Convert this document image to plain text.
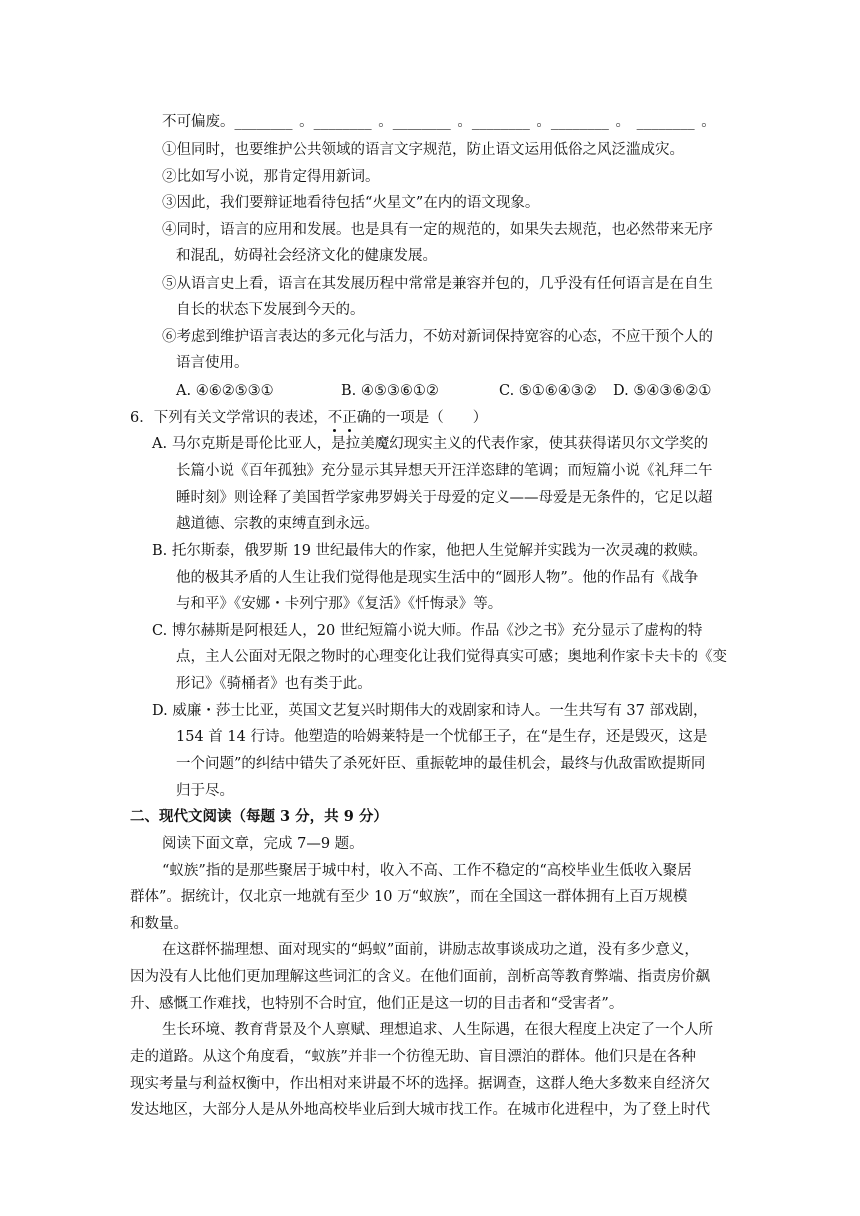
不可偏废。________ 。________ 。________ 。________ 。________ 。 ________ 。
①但同时，也要维护公共领域的语言文字规范，防止语文运用低俗之风泛滥成灾。
②比如写小说，那肯定得用新词。
③因此，我们要辩证地看待包括“火星文”在内的语文现象。
④同时，语言的应用和发展。也是具有一定的规范的，如果失去规范，也必然带来无序
和混乱，妨碍社会经济文化的健康发展。
⑤从语言史上看，语言在其发展历程中常常是兼容并包的，几乎没有任何语言是在自生
自长的状态下发展到今天的。
⑥考虑到维护语言表达的多元化与活力，不妨对新词保持宽容的心态，不应干预个人的
语言使用。
A. ④⑥②⑤③①	B. ④⑤③⑥①②	C. ⑤①⑥④③② D. ⑤④③⑥②①
6．下列有关文学常识的表述，不正确的一项是（　　）
A. 马尔克斯是哥伦比亚人，是拉美魔幻现实主义的代表作家，使其获得诺贝尔文学奖的
长篇小说《百年孤独》充分显示其异想天开汪洋恣肆的笔调；而短篇小说《礼拜二午
睡时刻》则诠释了美国哲学家弗罗姆关于母爱的定义——母爱是无条件的，它足以超
越道德、宗教的束缚直到永远。
B. 托尔斯泰，俄罗斯 19 世纪最伟大的作家，他把人生觉解并实践为一次灵魂的救赎。
他的极其矛盾的人生让我们觉得他是现实生活中的“圆形人物”。他的作品有《战争
与和平》《安娜・卡列宁那》《复活》《忏悔录》等。
C. 博尔赫斯是阿根廷人，20 世纪短篇小说大师。作品《沙之书》充分显示了虚构的特
点，主人公面对无限之物时的心理变化让我们觉得真实可感；奥地利作家卡夫卡的《变
形记》《骑桶者》也有类于此。
D. 威廉・莎士比亚，英国文艺复兴时期伟大的戏剧家和诗人。一生共写有 37 部戏剧，
154 首 14 行诗。他塑造的哈姆莱特是一个忧郁王子，在“是生存，还是毁灭，这是
一个问题”的纠结中错失了杀死奸臣、重振乾坤的最佳机会，最终与仇敌雷欧提斯同
归于尽。
二、现代文阅读（每题 3 分，共 9 分）
阅读下面文章，完成 7—9 题。
“蚁族”指的是那些聚居于城中村，收入不高、工作不稳定的“高校毕业生低收入聚居
群体”。据统计，仅北京一地就有至少 10 万“蚁族”，而在全国这一群体拥有上百万规模
和数量。
在这群怀揣理想、面对现实的“蚂蚁”面前，讲励志故事谈成功之道，没有多少意义，
因为没有人比他们更加理解这些词汇的含义。在他们面前，剖析高等教育弊端、指责房价飙
升、感慨工作难找，也特别不合时宜，他们正是这一切的目击者和“受害者”。
生长环境、教育背景及个人禀赋、理想追求、人生际遇，在很大程度上决定了一个人所
走的道路。从这个角度看，“蚁族”并非一个彷徨无助、盲目漂泊的群体。他们只是在各种
现实考量与利益权衡中，作出相对来讲最不坏的选择。据调查，这群人绝大多数来自经济欠
发达地区，大部分人是从外地高校毕业后到大城市找工作。在城市化进程中，为了登上时代
